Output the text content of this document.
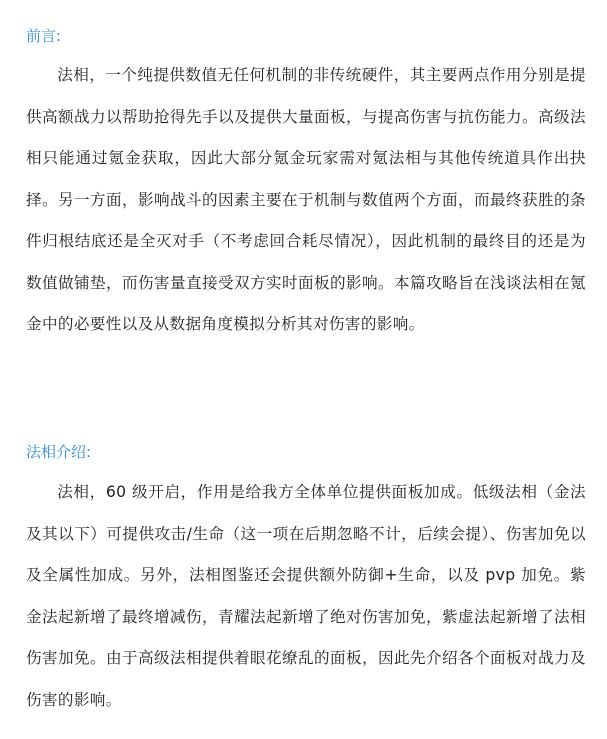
前言:

法相，一个纯提供数值无任何机制的非传统硬件，其主要两点作用分别是提供高额战力以帮助抢得先手以及提供大量面板，与提高伤害与抗伤能力。高级法相只能通过氪金获取，因此大部分氪金玩家需对氪法相与其他传统道具作出抉择。另一方面，影响战斗的因素主要在于机制与数值两个方面，而最终获胜的条件归根结底还是全灭对手（不考虑回合耗尽情况），因此机制的最终目的还是为数值做铺垫，而伤害量直接受双方实时面板的影响。本篇攻略旨在浅谈法相在氪金中的必要性以及从数据角度模拟分析其对伤害的影响。

法相介绍:

法相，60 级开启，作用是给我方全体单位提供面板加成。低级法相（金法及其以下）可提供攻击/生命（这一项在后期忽略不计，后续会提）、伤害加免以及全属性加成。另外，法相图鉴还会提供额外防御+生命，以及 pvp 加免。紫金法起新增了最终增减伤，青耀法起新增了绝对伤害加免，紫虚法起新增了法相伤害加免。由于高级法相提供着眼花缭乱的面板，因此先介绍各个面板对战力及伤害的影响。
